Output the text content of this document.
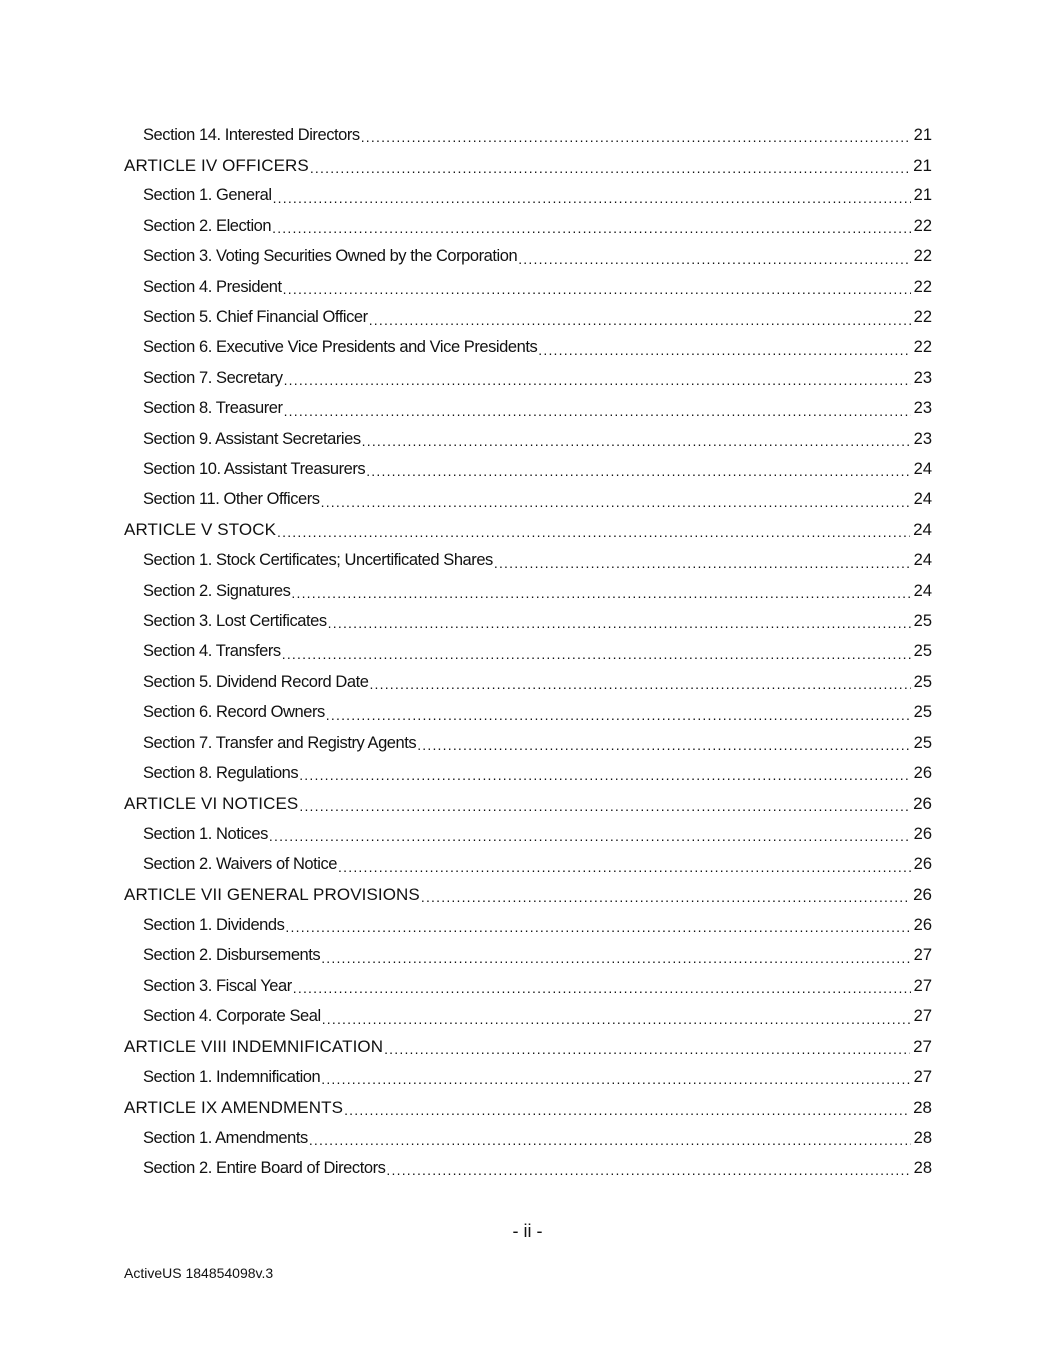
Section 14. Interested Directors .....	21
ARTICLE IV OFFICERS .....	21
Section 1. General .....	21
Section 2. Election .....	22
Section 3. Voting Securities Owned by the Corporation .....	22
Section 4. President .....	22
Section 5. Chief Financial Officer .....	22
Section 6. Executive Vice Presidents and Vice Presidents .....	22
Section 7. Secretary .....	23
Section 8. Treasurer .....	23
Section 9. Assistant Secretaries .....	23
Section 10. Assistant Treasurers .....	24
Section 11. Other Officers .....	24
ARTICLE V STOCK .....	24
Section 1. Stock Certificates; Uncertificated Shares .....	24
Section 2. Signatures .....	24
Section 3. Lost Certificates .....	25
Section 4. Transfers .....	25
Section 5. Dividend Record Date .....	25
Section 6. Record Owners .....	25
Section 7. Transfer and Registry Agents .....	25
Section 8. Regulations .....	26
ARTICLE VI NOTICES .....	26
Section 1. Notices .....	26
Section 2. Waivers of Notice .....	26
ARTICLE VII GENERAL PROVISIONS .....	26
Section 1. Dividends .....	26
Section 2. Disbursements .....	27
Section 3. Fiscal Year .....	27
Section 4. Corporate Seal .....	27
ARTICLE VIII INDEMNIFICATION .....	27
Section 1. Indemnification .....	27
ARTICLE IX AMENDMENTS .....	28
Section 1. Amendments .....	28
Section 2. Entire Board of Directors .....	28
- ii -
ActiveUS 184854098v.3
